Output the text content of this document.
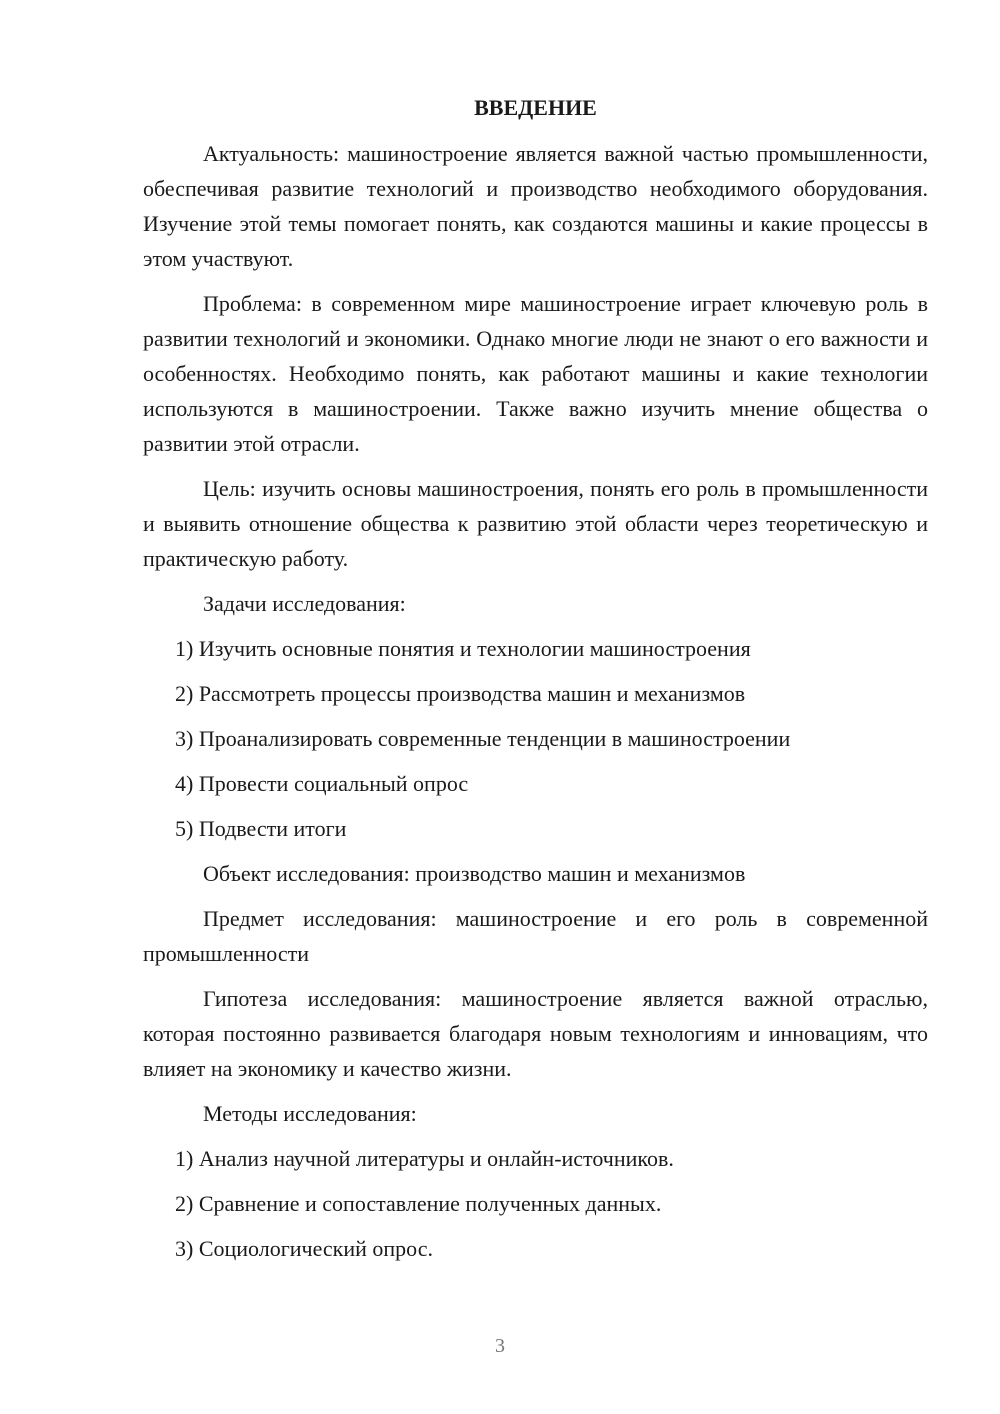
ВВЕДЕНИЕ
Актуальность: машиностроение является важной частью промышленности, обеспечивая развитие технологий и производство необходимого оборудования. Изучение этой темы помогает понять, как создаются машины и какие процессы в этом участвуют.
Проблема: в современном мире машиностроение играет ключевую роль в развитии технологий и экономики. Однако многие люди не знают о его важности и особенностях. Необходимо понять, как работают машины и какие технологии используются в машиностроении. Также важно изучить мнение общества о развитии этой отрасли.
Цель: изучить основы машиностроения, понять его роль в промышленности и выявить отношение общества к развитию этой области через теоретическую и практическую работу.
Задачи исследования:
1) Изучить основные понятия и технологии машиностроения
2) Рассмотреть процессы производства машин и механизмов
3) Проанализировать современные тенденции в машиностроении
4) Провести социальный опрос
5) Подвести итоги
Объект исследования: производство машин и механизмов
Предмет исследования: машиностроение и его роль в современной промышленности
Гипотеза исследования: машиностроение является важной отраслью, которая постоянно развивается благодаря новым технологиям и инновациям, что влияет на экономику и качество жизни.
Методы исследования:
1) Анализ научной литературы и онлайн-источников.
2) Сравнение и сопоставление полученных данных.
3) Социологический опрос.
3
